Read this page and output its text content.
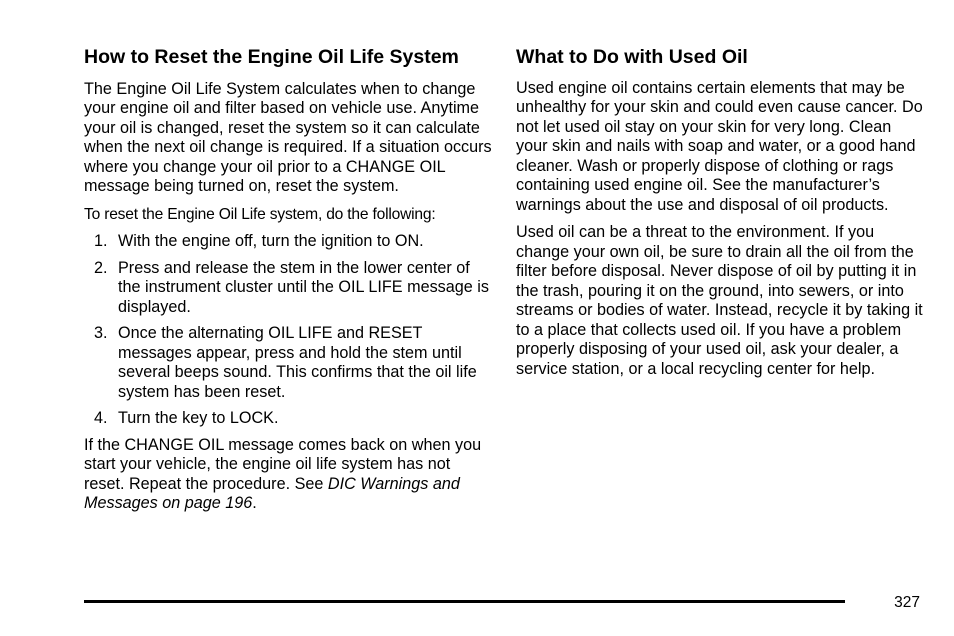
How to Reset the Engine Oil Life System

The Engine Oil Life System calculates when to change your engine oil and filter based on vehicle use. Anytime your oil is changed, reset the system so it can calculate when the next oil change is required. If a situation occurs where you change your oil prior to a CHANGE OIL message being turned on, reset the system.

To reset the Engine Oil Life system, do the following:

1. With the engine off, turn the ignition to ON.
2. Press and release the stem in the lower center of the instrument cluster until the OIL LIFE message is displayed.
3. Once the alternating OIL LIFE and RESET messages appear, press and hold the stem until several beeps sound. This confirms that the oil life system has been reset.
4. Turn the key to LOCK.

If the CHANGE OIL message comes back on when you start your vehicle, the engine oil life system has not reset. Repeat the procedure. See DIC Warnings and Messages on page 196.

What to Do with Used Oil

Used engine oil contains certain elements that may be unhealthy for your skin and could even cause cancer. Do not let used oil stay on your skin for very long. Clean your skin and nails with soap and water, or a good hand cleaner. Wash or properly dispose of clothing or rags containing used engine oil. See the manufacturer’s warnings about the use and disposal of oil products.

Used oil can be a threat to the environment. If you change your own oil, be sure to drain all the oil from the filter before disposal. Never dispose of oil by putting it in the trash, pouring it on the ground, into sewers, or into streams or bodies of water. Instead, recycle it by taking it to a place that collects used oil. If you have a problem properly disposing of your used oil, ask your dealer, a service station, or a local recycling center for help.

327
